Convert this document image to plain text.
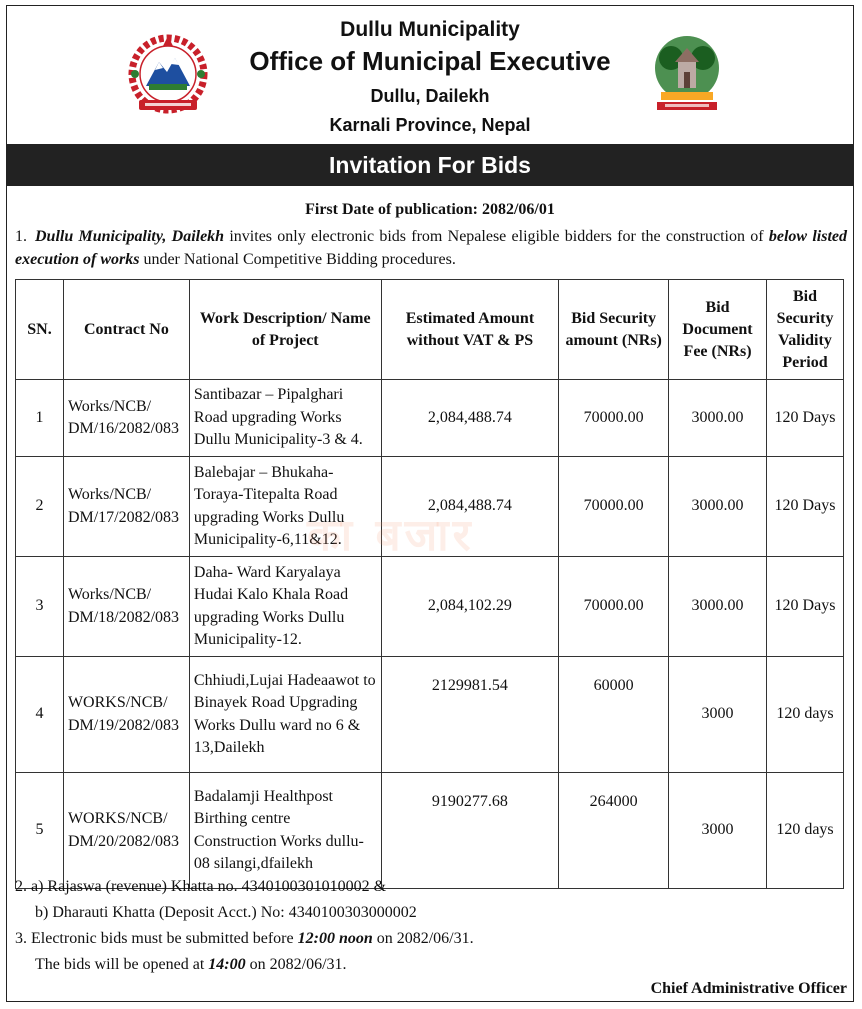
Dullu Municipality
Office of Municipal Executive
Dullu, Dailekh
Karnali Province, Nepal
Invitation For Bids
First Date of publication: 2082/06/01
1. Dullu Municipality, Dailekh invites only electronic bids from Nepalese eligible bidders for the construction of below listed execution of works under National Competitive Bidding procedures.
SN.	Contract No	Work Description/ Name of Project	Estimated Amount without VAT & PS	Bid Security amount (NRs)	Bid Document Fee (NRs)	Bid Security Validity Period
1	Works/NCB/ DM/16/2082/083	Santibazar – Pipalghari Road upgrading Works Dullu Municipality-3 & 4.	2,084,488.74	70000.00	3000.00	120 Days
2	Works/NCB/ DM/17/2082/083	Balebajar – Bhukaha-Toraya-Titepalta Road upgrading Works Dullu Municipality-6,11&12.	2,084,488.74	70000.00	3000.00	120 Days
3	Works/NCB/ DM/18/2082/083	Daha- Ward Karyalaya Hudai Kalo Khala Road upgrading Works Dullu Municipality-12.	2,084,102.29	70000.00	3000.00	120 Days
4	WORKS/NCB/ DM/19/2082/083	Chhiudi,Lujai Hadeaawot to Binayek Road Upgrading Works Dullu ward no 6 & 13,Dailekh	2129981.54	60000	3000	120 days
5	WORKS/NCB/ DM/20/2082/083	Badalamji Healthpost Birthing centre Construction Works dullu-08 silangi,dfailekh	9190277.68	264000	3000	120 days
का बजार
2. a) Rajaswa (revenue) Khatta no. 4340100301010002 &
b) Dharauti Khatta (Deposit Acct.) No: 4340100303000002
3. Electronic bids must be submitted before 12:00 noon on 2082/06/31.
The bids will be opened at 14:00 on 2082/06/31.
Chief Administrative Officer
